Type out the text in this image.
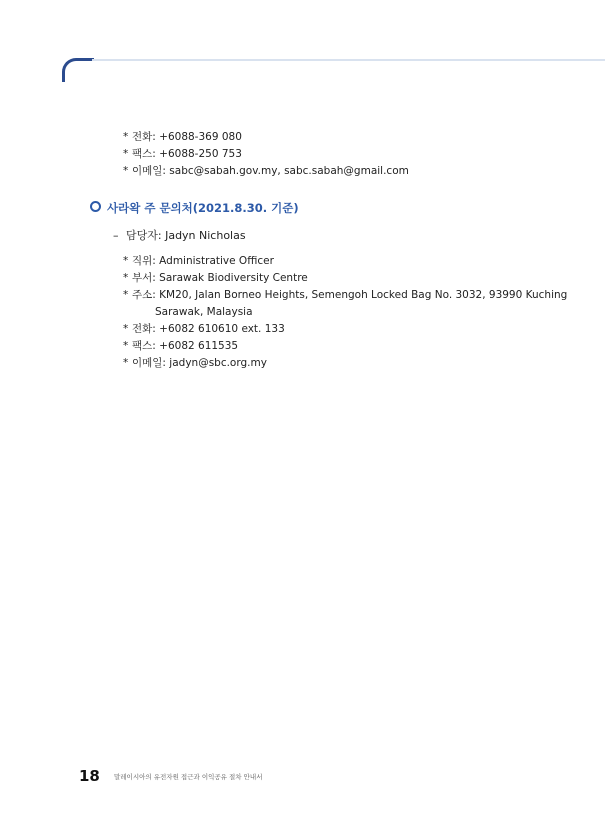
* 전화: +6088-369 080
* 팩스: +6088-250 753
* 이메일: sabc@sabah.gov.my, sabc.sabah@gmail.com
사라왁 주 문의처(2021.8.30. 기준)
– 담당자: Jadyn Nicholas
* 직위: Administrative Officer
* 부서: Sarawak Biodiversity Centre
* 주소: KM20, Jalan Borneo Heights, Semengoh Locked Bag No. 3032, 93990 Kuching
Sarawak, Malaysia
* 전화: +6082 610610 ext. 133
* 팩스: +6082 611535
* 이메일: jadyn@sbc.org.my
18 말레이시아의 유전자원 접근과 이익공유 절차 안내서
